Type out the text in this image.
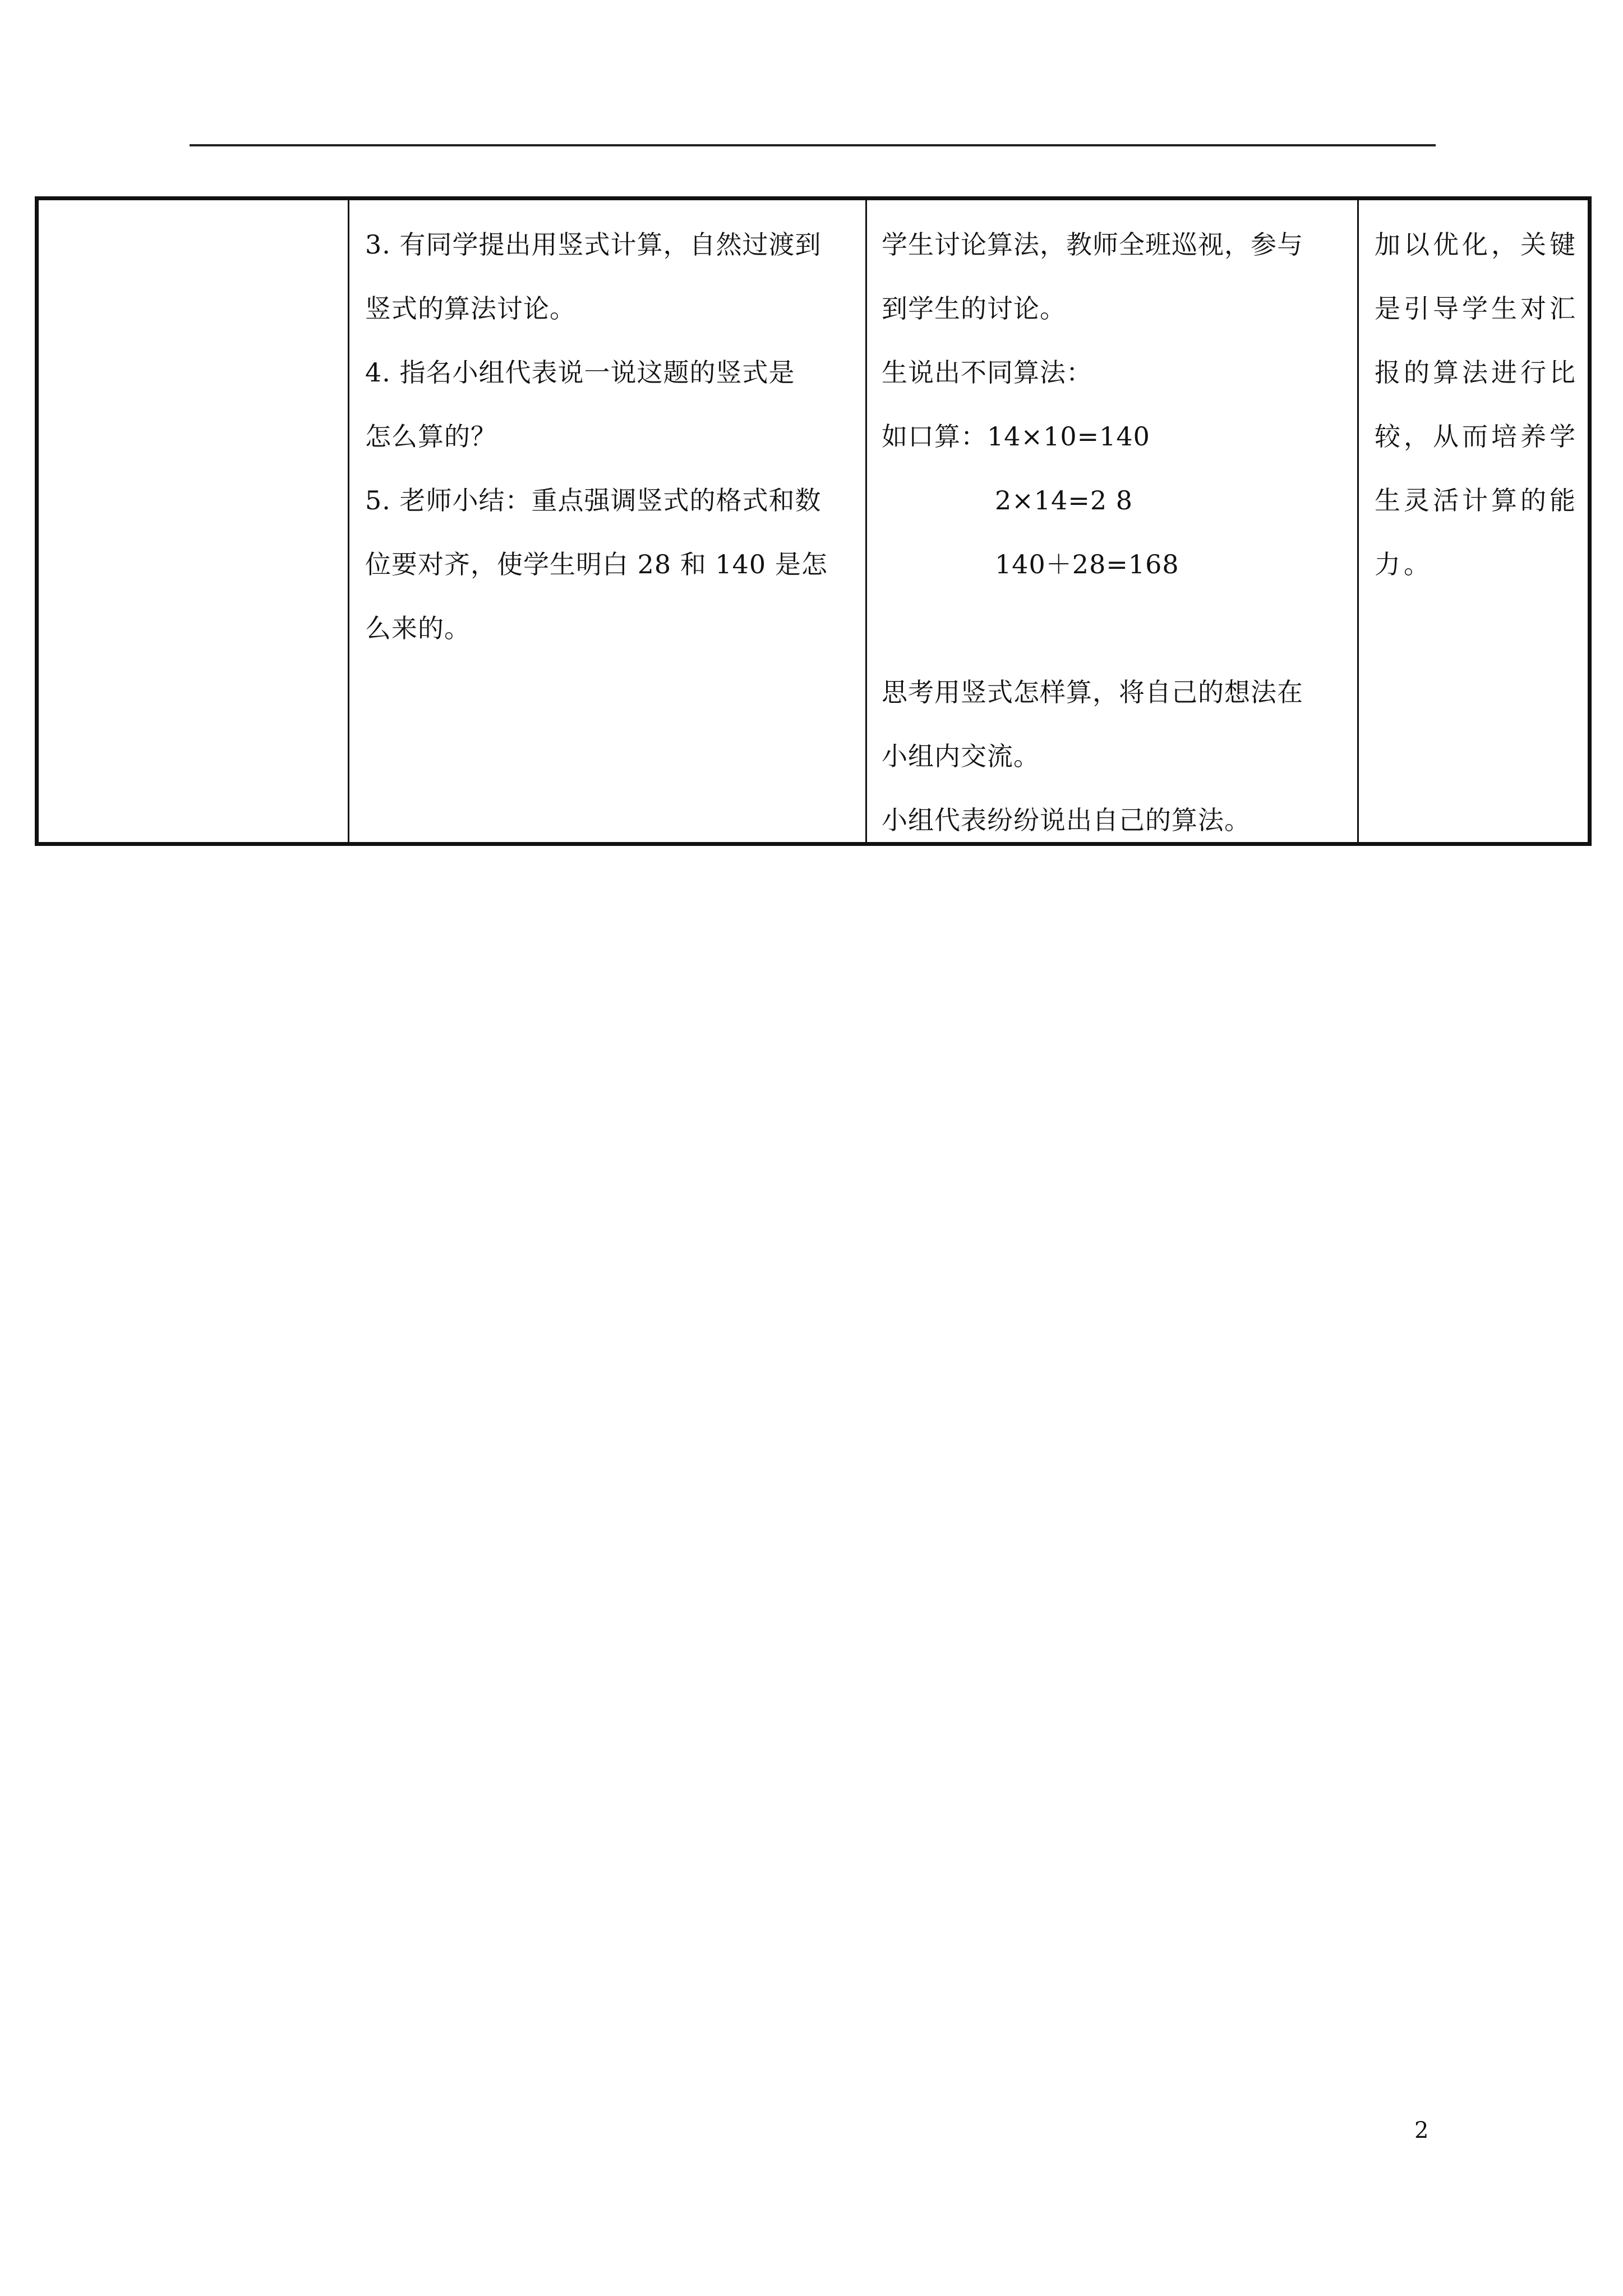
3. 有同学提出用竖式计算，自然过渡到
竖式的算法讨论。
4. 指名小组代表说一说这题的竖式是
怎么算的？
5. 老师小结：重点强调竖式的格式和数
位要对齐，使学生明白 28 和 140 是怎
么来的。
学生讨论算法，教师全班巡视，参与
到学生的讨论。
生说出不同算法：
如口算：14×10=140
2×14=2 8
140＋28=168
思考用竖式怎样算，将自己的想法在
小组内交流。
小组代表纷纷说出自己的算法。
加以优化，关键
是引导学生对汇
报的算法进行比
较，从而培养学
生灵活计算的能
力。
2
